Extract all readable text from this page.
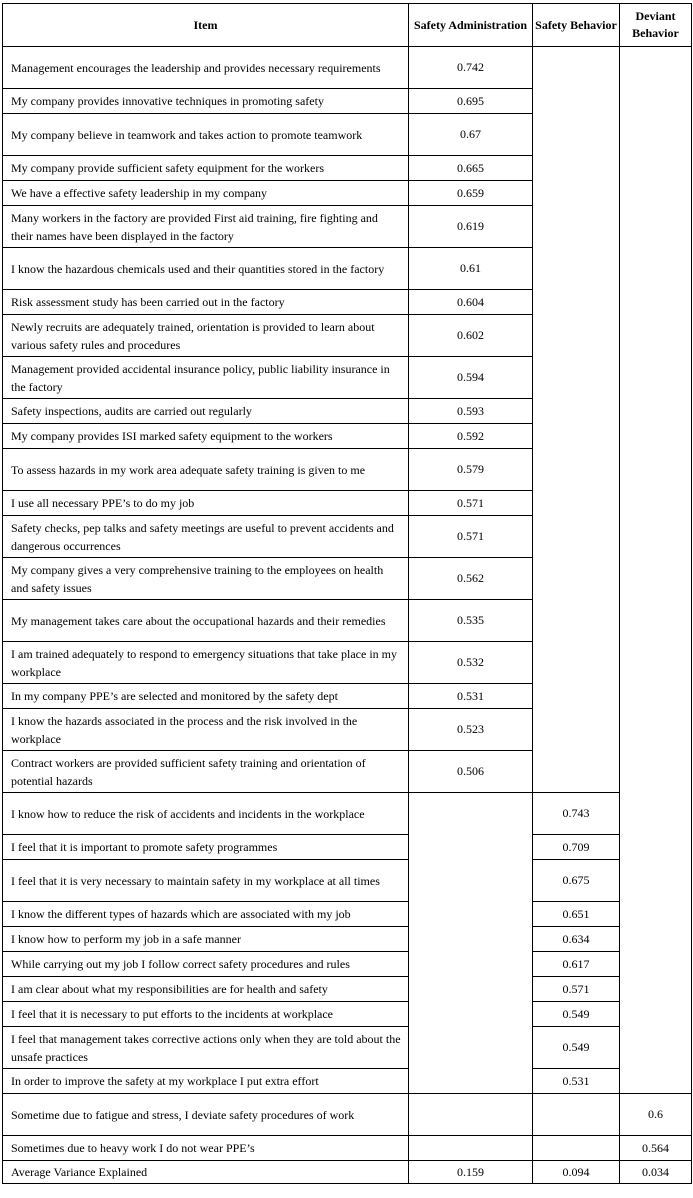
Item	Safety Administration	Safety Behavior	Deviant Behavior
Management encourages the leadership and provides necessary requirements	0.742		
My company provides innovative techniques in promoting safety	0.695		
My company believe in teamwork and takes action to promote teamwork	0.67		
My company provide sufficient safety equipment for the workers	0.665		
We have a effective safety leadership in my company	0.659		
Many workers in the factory are provided First aid training, fire fighting and their names have been displayed in the factory	0.619		
I know the hazardous chemicals used and their quantities stored in the factory	0.61		
Risk assessment study has been carried out in the factory	0.604		
Newly recruits are adequately trained, orientation is provided to learn about various safety rules and procedures	0.602		
Management provided accidental insurance policy, public liability insurance in the factory	0.594		
Safety inspections, audits are carried out regularly	0.593		
My company provides ISI marked safety equipment to the workers	0.592		
To assess hazards in my work area adequate safety training is given to me	0.579		
I use all necessary PPE’s to do my job	0.571		
Safety checks, pep talks and safety meetings are useful to prevent accidents and dangerous occurrences	0.571		
My company gives a very comprehensive training to the employees on health and safety issues	0.562		
My management takes care about the occupational hazards and their remedies	0.535		
I am trained adequately to respond to emergency situations that take place in my workplace	0.532		
In my company PPE’s are selected and monitored by the safety dept	0.531		
I know the hazards associated in the process and the risk involved in the workplace	0.523		
Contract workers are provided sufficient safety training and orientation of potential hazards	0.506		
I know how to reduce the risk of accidents and incidents in the workplace		0.743	
I feel that it is important to promote safety programmes		0.709	
I feel that it is very necessary to maintain safety in my workplace at all times		0.675	
I know the different types of hazards which are associated with my job		0.651	
I know how to perform my job in a safe manner		0.634	
While carrying out my job I follow correct safety procedures and rules		0.617	
I am clear about what my responsibilities are for health and safety		0.571	
I feel that it is necessary to put efforts to the incidents at workplace		0.549	
I feel that management takes corrective actions only when they are told about the unsafe practices		0.549	
In order to improve the safety at my workplace I put extra effort		0.531	
Sometime due to fatigue and stress, I deviate safety procedures of work			0.6
Sometimes due to heavy work I do not wear PPE’s			0.564
Average Variance Explained	0.159	0.094	0.034
